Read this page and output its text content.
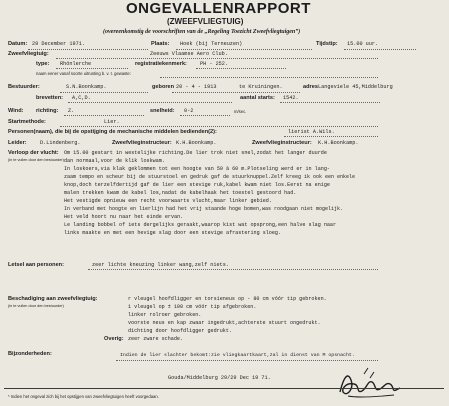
ONGEVALLENRAPPORT
(ZWEEFVLIEGTUIG)
(overeenkomstig de voorschriften van de „Regeling Toezicht Zweefvliegtuigen”)
Datum: 29 December 1971.	Plaats: Hoek (bij Terneuzen)	Tijdstip: 15.00 uur.
Zweefvliegtuig:	Zeeuws Vlaamse Aero Club.
type: Rhönlerche	registratiekenmerk:	PH - 252.
naam eener vanaf soorte uitrusting b. v. t. gewaste:
Bestuurder:	S.N.Boonkamp.	geboren 20 - 4 - 1913	te Kruiningen.	adres Langeviele 45,Middelburg
brevetten: A,C,D.	aantal starts: 1542.
Wind: richting: Z.	snelheid: 0-2	m/sec.
Startmethode:	Lier.
Personen(naam), die bij de opstijging de mechanische middelen bedienden(2):	lierist A.Wils.
Leider:	D.Lindenberg.	Zweefvlieginstructeur: K.H.Boonkamp.	Zweefvlieginstructeur: K.H.Boonkamp.
Verloop der vlucht:
(in te vullen door den bestuurder)
Om 15.00 gestart in westelijke richting.De lier trok niet snel,zodat het langer duurde
dan normaal,voor de klik loskwam.
In loskoers,via klak geklommen tot een hoogte van 50 à 60 m.Plotseling werd er in lang-
zaam tempo en scheur bij de stuurstoel en gedruk gaf de stuurknuppel.Zelf kreeg ik ook een enkele
knop,doch terzelfdertijd gaf de lier een stevige ruk,kabel kwam niet los.Eerst na enige
malen trekken kwam de kabel los,nadat de kabelhaak het toestel gestoord had.
Het vestigde opnieuw een recht voorwaarts vlucht,maar linker gebied.
In verband met hoogte en lierlijn had het vrij staande hoge bomen,was roodgaan niet mogelijk.
Het veld hoort nu naar het einde ervan.
Le landing bobbel of iets dergelijks geraakt,waarop kist wat opsprong,een halve slag naar
links maakte en met een hevige slag door een stevige afrastering sloeg.
Letsel aan personen:	zeer lichte kneuzing linker wang,zelf niets.
Beschadiging aan zweefvliegtuig:
(in te vullen door den bestuurder)
r vleugel hoofdligger en torsieneus op - 80 cm vóór tip gebroken.
1 vleugel op ± 100 cm vóór tip afgebroken.
linker rolroer gebroken.
voorste neus en kap zwaar ingedrukt,achterste stuurt ongedrukt.
dichting door hoofdligger gedrukt.
Overig: zeer zware schade.
Bijzonderheden:	Indien de lier slachter bekomt:zie vliegkaartkaart,zal in dienst van M opsnacht.
Gouda/Middelburg 29/29 Dec 19 71.
* Indien het ongeval zich bij het opstijgen van zweefvliegtuigen heeft voorgedaan.
